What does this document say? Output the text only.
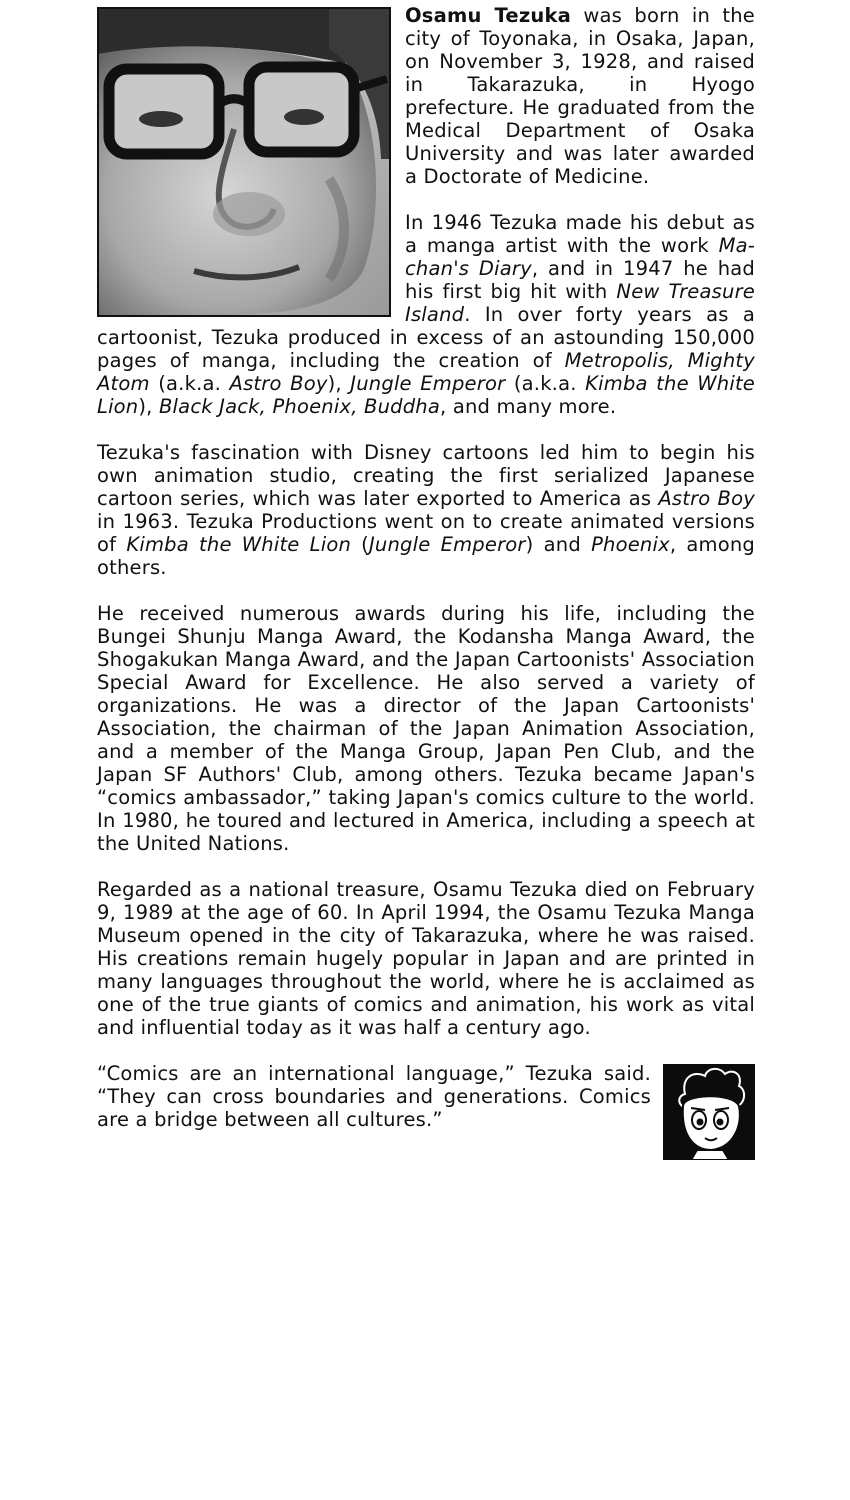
Osamu Tezuka was born in the city of Toyonaka, in Osaka, Japan, on November 3, 1928, and raised in Takarazuka, in Hyogo prefecture. He graduated from the Medical Department of Osaka University and was later awarded a Doctorate of Medicine.

In 1946 Tezuka made his debut as a manga artist with the work Ma-chan's Diary, and in 1947 he had his first big hit with New Treasure Island. In over forty years as a cartoonist, Tezuka produced in excess of an astounding 150,000 pages of manga, including the creation of Metropolis, Mighty Atom (a.k.a. Astro Boy), Jungle Emperor (a.k.a. Kimba the White Lion), Black Jack, Phoenix, Buddha, and many more.

Tezuka's fascination with Disney cartoons led him to begin his own animation studio, creating the first serialized Japanese cartoon series, which was later exported to America as Astro Boy in 1963. Tezuka Productions went on to create animated versions of Kimba the White Lion (Jungle Emperor) and Phoenix, among others.

He received numerous awards during his life, including the Bungei Shunju Manga Award, the Kodansha Manga Award, the Shogakukan Manga Award, and the Japan Cartoonists' Association Special Award for Excellence. He also served a variety of organizations. He was a director of the Japan Cartoonists' Association, the chairman of the Japan Animation Association, and a member of the Manga Group, Japan Pen Club, and the Japan SF Authors' Club, among others. Tezuka became Japan's “comics ambassador,” taking Japan's comics culture to the world. In 1980, he toured and lectured in America, including a speech at the United Nations.

Regarded as a national treasure, Osamu Tezuka died on February 9, 1989 at the age of 60. In April 1994, the Osamu Tezuka Manga Museum opened in the city of Takarazuka, where he was raised. His creations remain hugely popular in Japan and are printed in many languages throughout the world, where he is acclaimed as one of the true giants of comics and animation, his work as vital and influential today as it was half a century ago.

“Comics are an international language,” Tezuka said. “They can cross boundaries and generations. Comics are a bridge between all cultures.”
